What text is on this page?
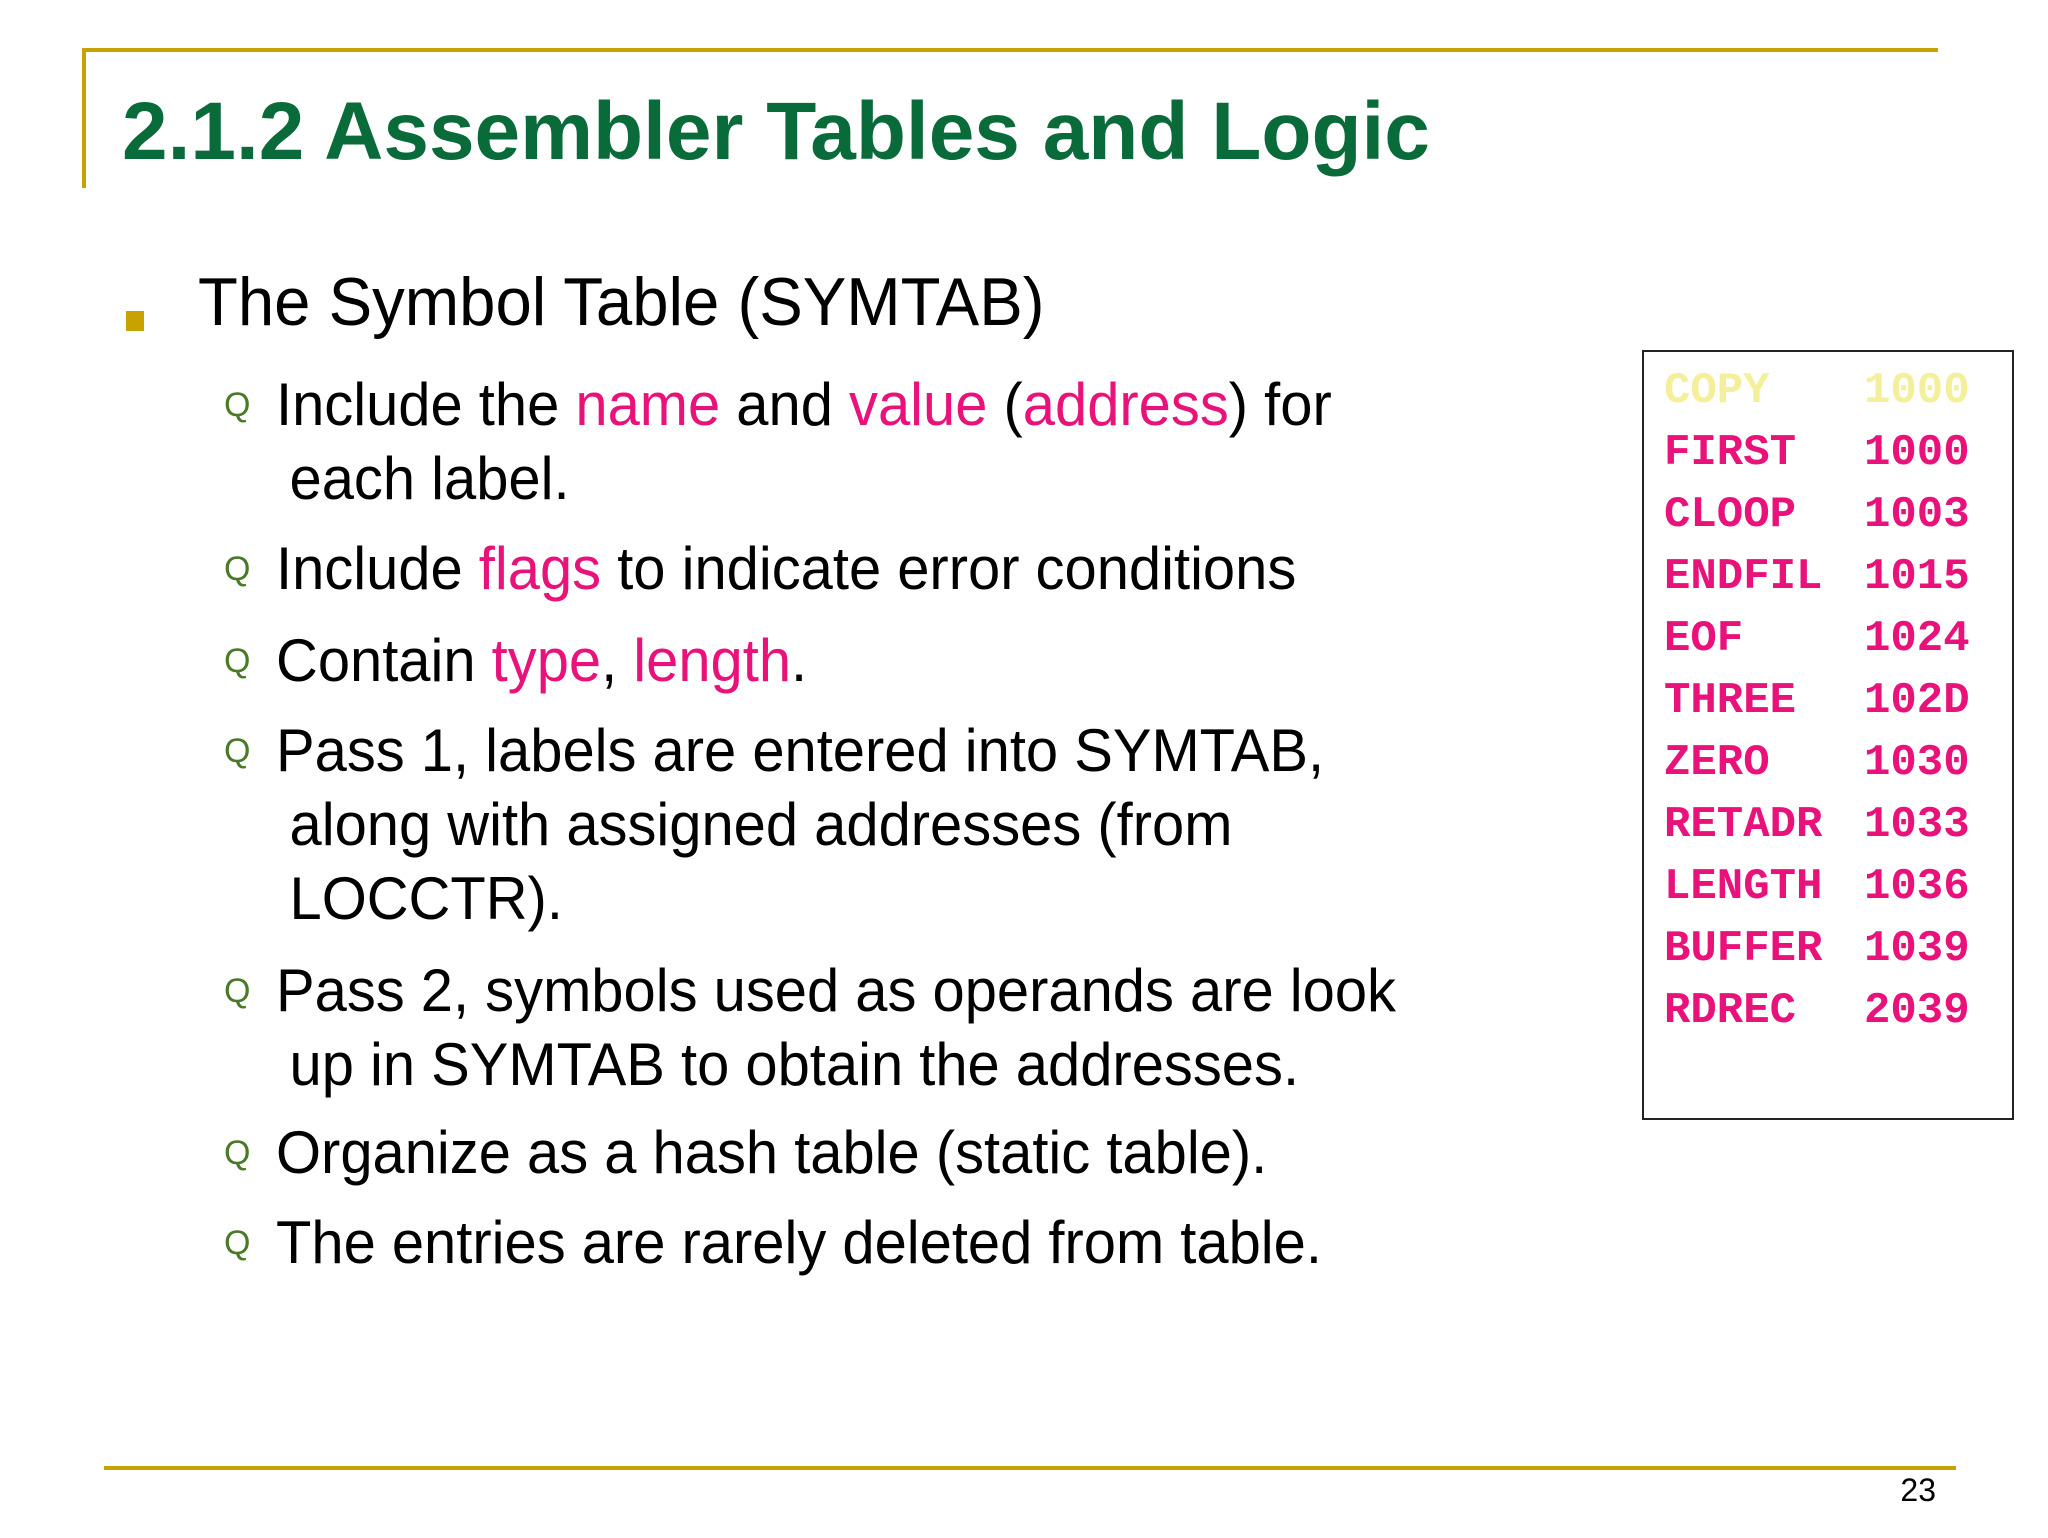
2.1.2 Assembler Tables and Logic
The Symbol Table (SYMTAB)
Q Include the name and value (address) for
each label.
Q Include flags to indicate error conditions
Q Contain type, length.
Q Pass 1, labels are entered into SYMTAB,
along with assigned addresses (from
LOCCTR).
Q Pass 2, symbols used as operands are look
up in SYMTAB to obtain the addresses.
Q Organize as a hash table (static table).
Q The entries are rarely deleted from table.
COPY 1000
FIRST 1000
CLOOP 1003
ENDFIL 1015
EOF	1024
THREE 102D
ZERO 1030
RETADR 1033
LENGTH 1036
BUFFER 1039
RDREC 2039
23
